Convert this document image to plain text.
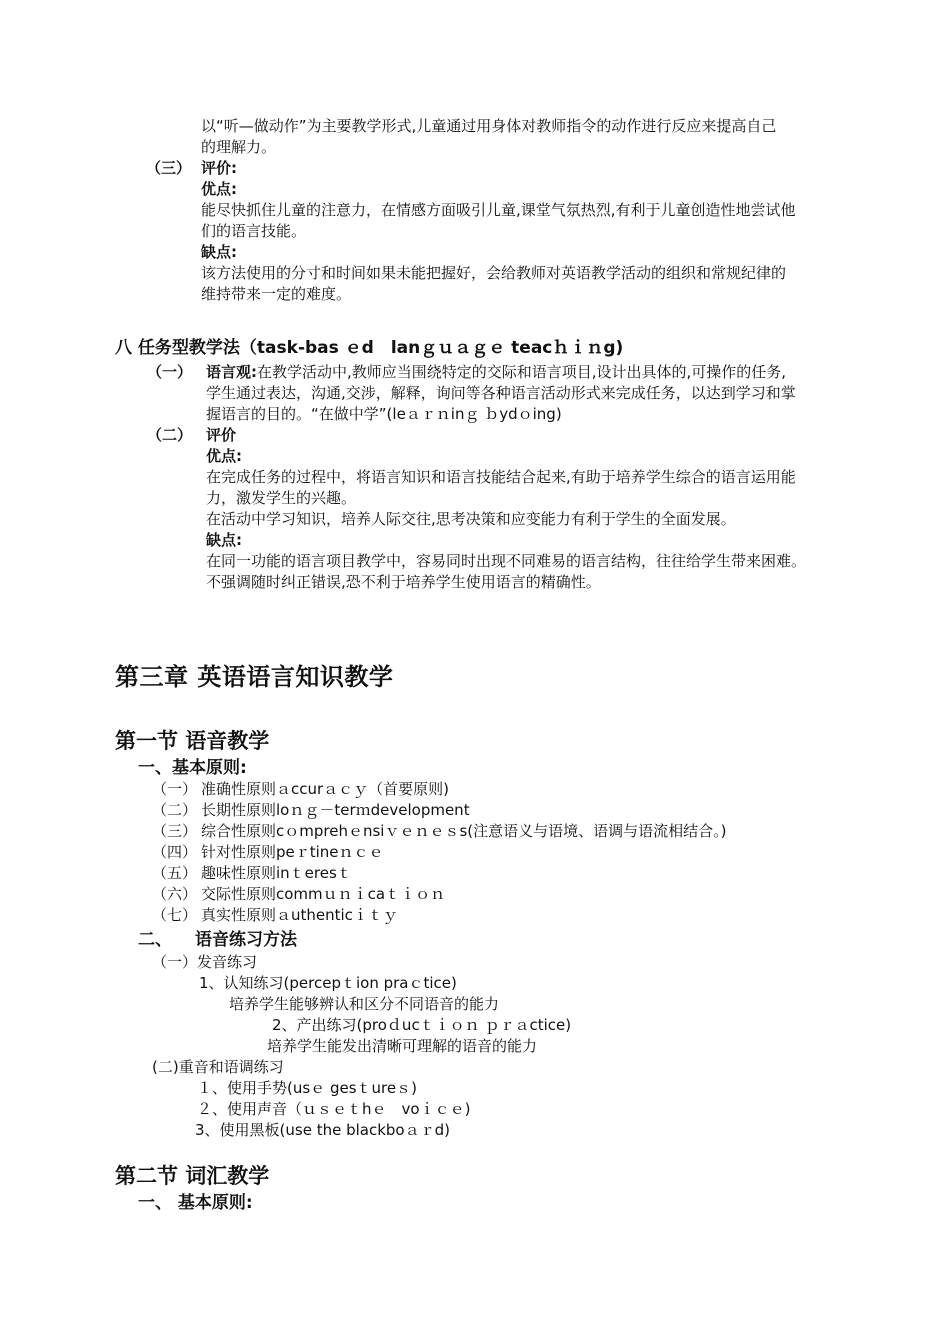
以“听—做动作”为主要教学形式,儿童通过用身体对教师指令的动作进行反应来提高自己
的理解力。
（三） 评价:
优点:
能尽快抓住儿童的注意力，在情感方面吸引儿童,课堂气氛热烈,有利于儿童创造性地尝试他
们的语言技能。
缺点:
该方法使用的分寸和时间如果未能把握好，会给教师对英语教学活动的组织和常规纪律的
维持带来一定的难度。
八 任务型教学法（task-bas ｅd　lanｇｕａｇｅ teacｈｉｎg)
（一） 语言观:在教学活动中,教师应当围绕特定的交际和语言项目,设计出具体的,可操作的任务,
学生通过表达，沟通,交涉，解释，询问等各种语言活动形式来完成任务，以达到学习和掌
握语言的目的。“在做中学”(leａｒｎinｇ ｂydｏing)
（二） 评价
优点:
在完成任务的过程中，将语言知识和语言技能结合起来,有助于培养学生综合的语言运用能
力，激发学生的兴趣。
在活动中学习知识，培养人际交往,思考决策和应变能力有利于学生的全面发展。
缺点:
在同一功能的语言项目教学中，容易同时出现不同难易的语言结构，往往给学生带来困难。
不强调随时纠正错误,恐不利于培养学生使用语言的精确性。
第三章 英语语言知识教学
第一节 语音教学
一、基本原则:
（一） 准确性原则ａccurａｃｙ（首要原则)
（二） 长期性原则loｎｇ－terｍdevelopment
（三） 综合性原则cｏmprehｅnsiｖｅｎｅｓs(注意语义与语境、语调与语流相结合。)
（四） 针对性原则peｒtineｎｃｅ
（五） 趣味性原则inｔeresｔ
（六） 交际性原则commｕｎｉcaｔｉｏｎ
（七） 真实性原则ａuthenticｉｔｙ
二、 语音练习方法
（一）发音练习
1、认知练习(percepｔion praｃtice)
培养学生能够辨认和区分不同语音的能力
2、产出练习(proｄucｔｉｏｎ ｐｒａctice)
培养学生能发出清晰可理解的语音的能力
(二)重音和语调练习
１、使用手势(usｅ gesｔureｓ)
２、使用声音（ｕｓｅｔhｅ　voｉｃｅ)
3、使用黑板(use the blackboａｒd)
第二节 词汇教学
一、 基本原则:
